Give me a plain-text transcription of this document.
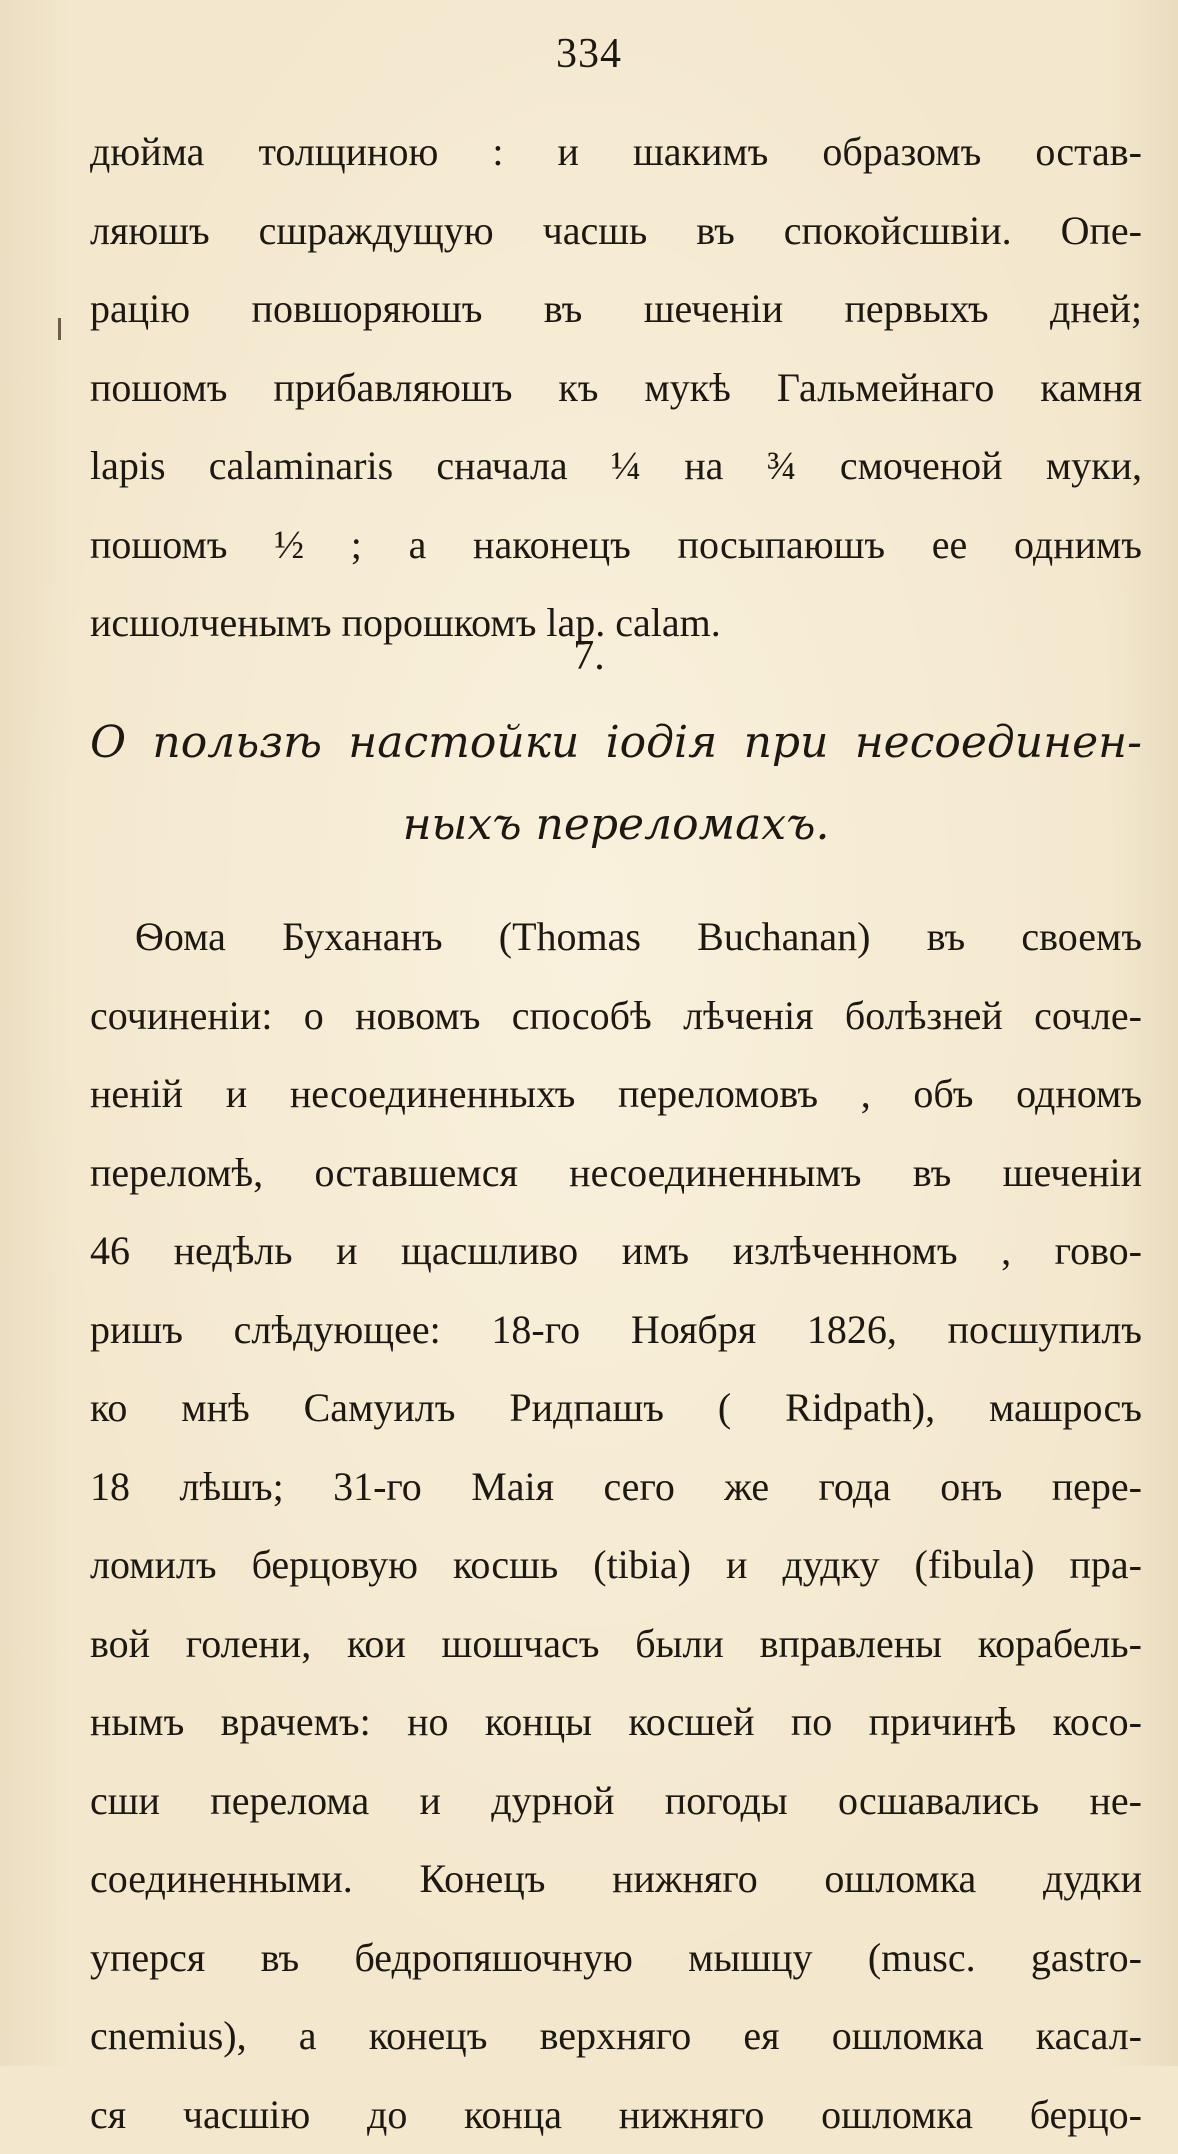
334
дюйма толщиною : и шакимъ образомъ остав-
ляюшъ сшраждущую часшь въ спокойсшвіи. Опе-
рацію повшоряюшъ въ шеченіи первыхъ дней;
пошомъ прибавляюшъ къ мукѣ Гальмейнаго камня
lapis calaminaris сначала ¼ на ¾ смоченой муки,
пошомъ ½ ; а наконецъ посыпаюшъ ее однимъ
исшолченымъ порошкомъ lap. calam.
7.
О пользѣ настойки іодія при несоединен-
ныхъ переломахъ.
Ѳома Бухананъ (Thomas Buchanan) въ своемъ
сочиненіи: о новомъ способѣ лѣченія болѣзней сочле-
неній и несоединенныхъ переломовъ , объ одномъ
переломѣ, оставшемся несоединеннымъ въ шеченіи
46 недѣль и щасшливо имъ излѣченномъ , гово-
ришъ слѣдующее: 18-го Ноября 1826, посшупилъ
ко мнѣ Самуилъ Ридпашъ ( Ridpath), машросъ
18 лѣшъ; 31-го Маія сего же года онъ пере-
ломилъ берцовую косшь (tibia) и дудку (fibula) пра-
вой голени, кои шошчасъ были вправлены корабель-
нымъ врачемъ: но концы косшей по причинѣ косо-
сши перелома и дурной погоды осшавались не-
соединенными. Конецъ нижняго ошломка дудки
уперся въ бедропяшочную мышцу (musc. gastro-
cnemius), а конецъ верхняго ея ошломка касал-
ся часшію до конца нижняго ошломка берцо-
